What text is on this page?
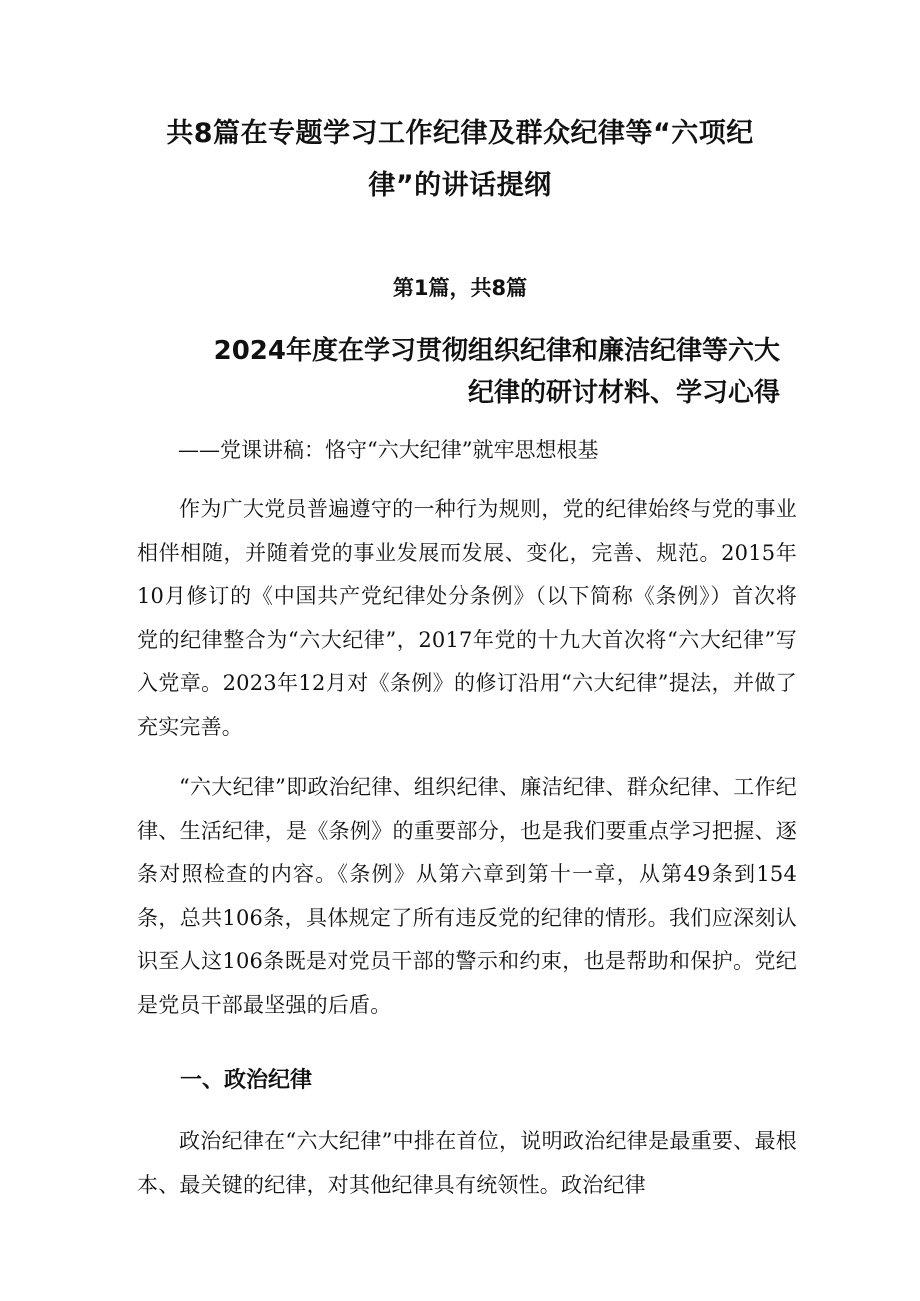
共8篇在专题学习工作纪律及群众纪律等“六项纪
律”的讲话提纲
第1篇，共8篇
2024年度在学习贯彻组织纪律和廉洁纪律等六大
纪律的研讨材料、学习心得
——党课讲稿：恪守“六大纪律”就牢思想根基
作为广大党员普遍遵守的一种行为规则，党的纪律始终与党的事业相伴相随，并随着党的事业发展而发展、变化，完善、规范。2015年10月修订的《中国共产党纪律处分条例》（以下简称《条例》）首次将党的纪律整合为“六大纪律”，2017年党的十九大首次将“六大纪律”写入党章。2023年12月对《条例》的修订沿用“六大纪律”提法，并做了充实完善。
“六大纪律”即政治纪律、组织纪律、廉洁纪律、群众纪律、工作纪律、生活纪律，是《条例》的重要部分，也是我们要重点学习把握、逐条对照检查的内容。《条例》从第六章到第十一章，从第49条到154条，总共106条，具体规定了所有违反党的纪律的情形。我们应深刻认识至人这106条既是对党员干部的警示和约束，也是帮助和保护。党纪是党员干部最坚强的后盾。
一、政治纪律
政治纪律在“六大纪律”中排在首位，说明政治纪律是最重要、最根本、最关键的纪律，对其他纪律具有统领性。政治纪律
